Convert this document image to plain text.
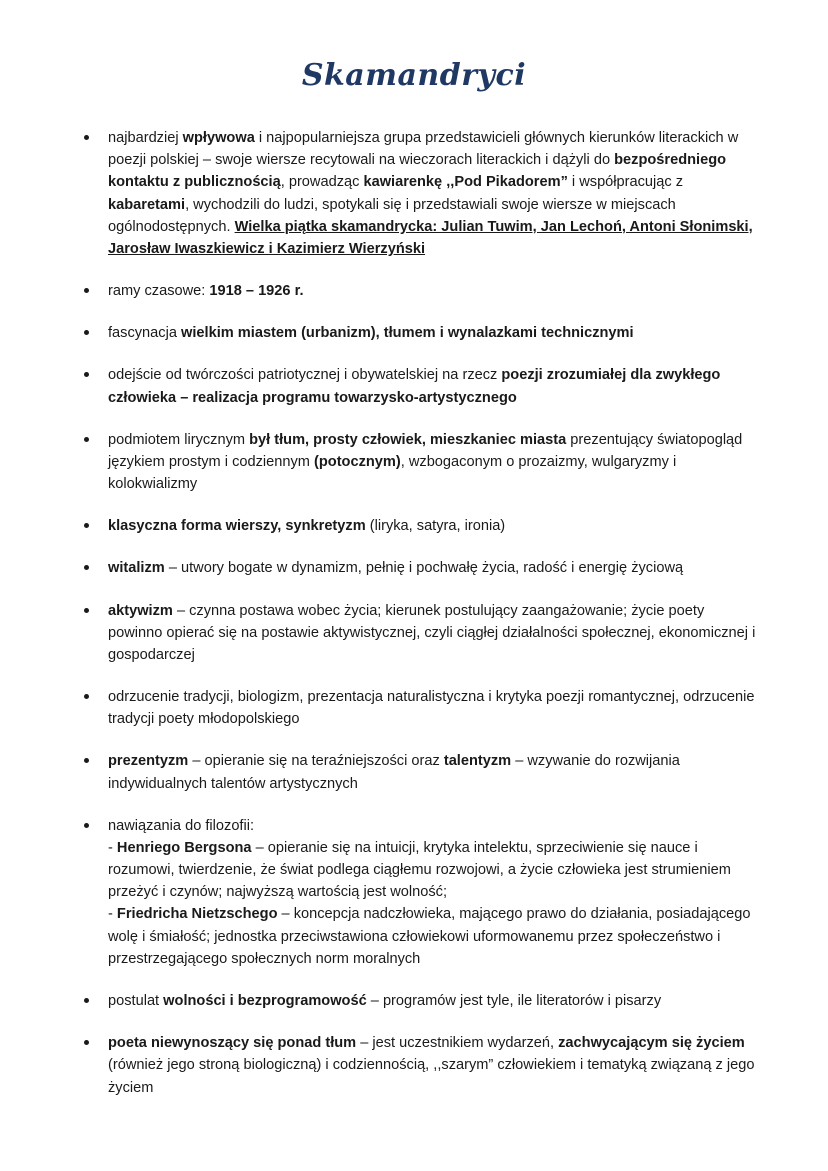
Skamandryci
najbardziej wpływowa i najpopularniejsza grupa przedstawicieli głównych kierunków literackich w poezji polskiej – swoje wiersze recytowali na wieczorach literackich i dążyli do bezpośredniego kontaktu z publicznością, prowadząc kawiarenkę ,,Pod Pikadorem” i współpracując z kabaretami, wychodzili do ludzi, spotykali się i przedstawiali swoje wiersze w miejscach ogólnodostępnych. Wielka piątka skamandrycka: Julian Tuwim, Jan Lechoń, Antoni Słonimski, Jarosław Iwaszkiewicz i Kazimierz Wierzyński
ramy czasowe: 1918 – 1926 r.
fascynacja wielkim miastem (urbanizm), tłumem i wynalazkami technicznymi
odejście od twórczości patriotycznej i obywatelskiej na rzecz poezji zrozumiałej dla zwykłego człowieka – realizacja programu towarzysko-artystycznego
podmiotem lirycznym był tłum, prosty człowiek, mieszkaniec miasta prezentujący światopogląd językiem prostym i codziennym (potocznym), wzbogaconym o prozaizmy, wulgaryzmy i kolokwializmy
klasyczna forma wierszy, synkretyzm (liryka, satyra, ironia)
witalizm – utwory bogate w dynamizm, pełnię i pochwałę życia, radość i energię życiową
aktywizm – czynna postawa wobec życia; kierunek postulujący zaangażowanie; życie poety powinno opierać się na postawie aktywistycznej, czyli ciągłej działalności społecznej, ekonomicznej i gospodarczej
odrzucenie tradycji, biologizm, prezentacja naturalistyczna i krytyka poezji romantycznej, odrzucenie tradycji poety młodopolskiego
prezentyzm – opieranie się na teraźniejszości oraz talentyzm – wzywanie do rozwijania indywidualnych talentów artystycznych
nawiązania do filozofii:
- Henriego Bergsona – opieranie się na intuicji, krytyka intelektu, sprzeciwienie się nauce i rozumowi, twierdzenie, że świat podlega ciągłemu rozwojowi, a życie człowieka jest strumieniem przeżyć i czynów; najwyższą wartością jest wolność;
- Friedricha Nietzschego – koncepcja nadczłowieka, mającego prawo do działania, posiadającego wolę i śmiałość; jednostka przeciwstawiona człowiekowi uformowanemu przez społeczeństwo i przestrzegającego społecznych norm moralnych
postulat wolności i bezprogramowość – programów jest tyle, ile literatorów i pisarzy
poeta niewynoszący się ponad tłum – jest uczestnikiem wydarzeń, zachwycającym się życiem (również jego stroną biologiczną) i codziennością, ,,szarym” człowiekiem i tematyką związaną z jego życiem
